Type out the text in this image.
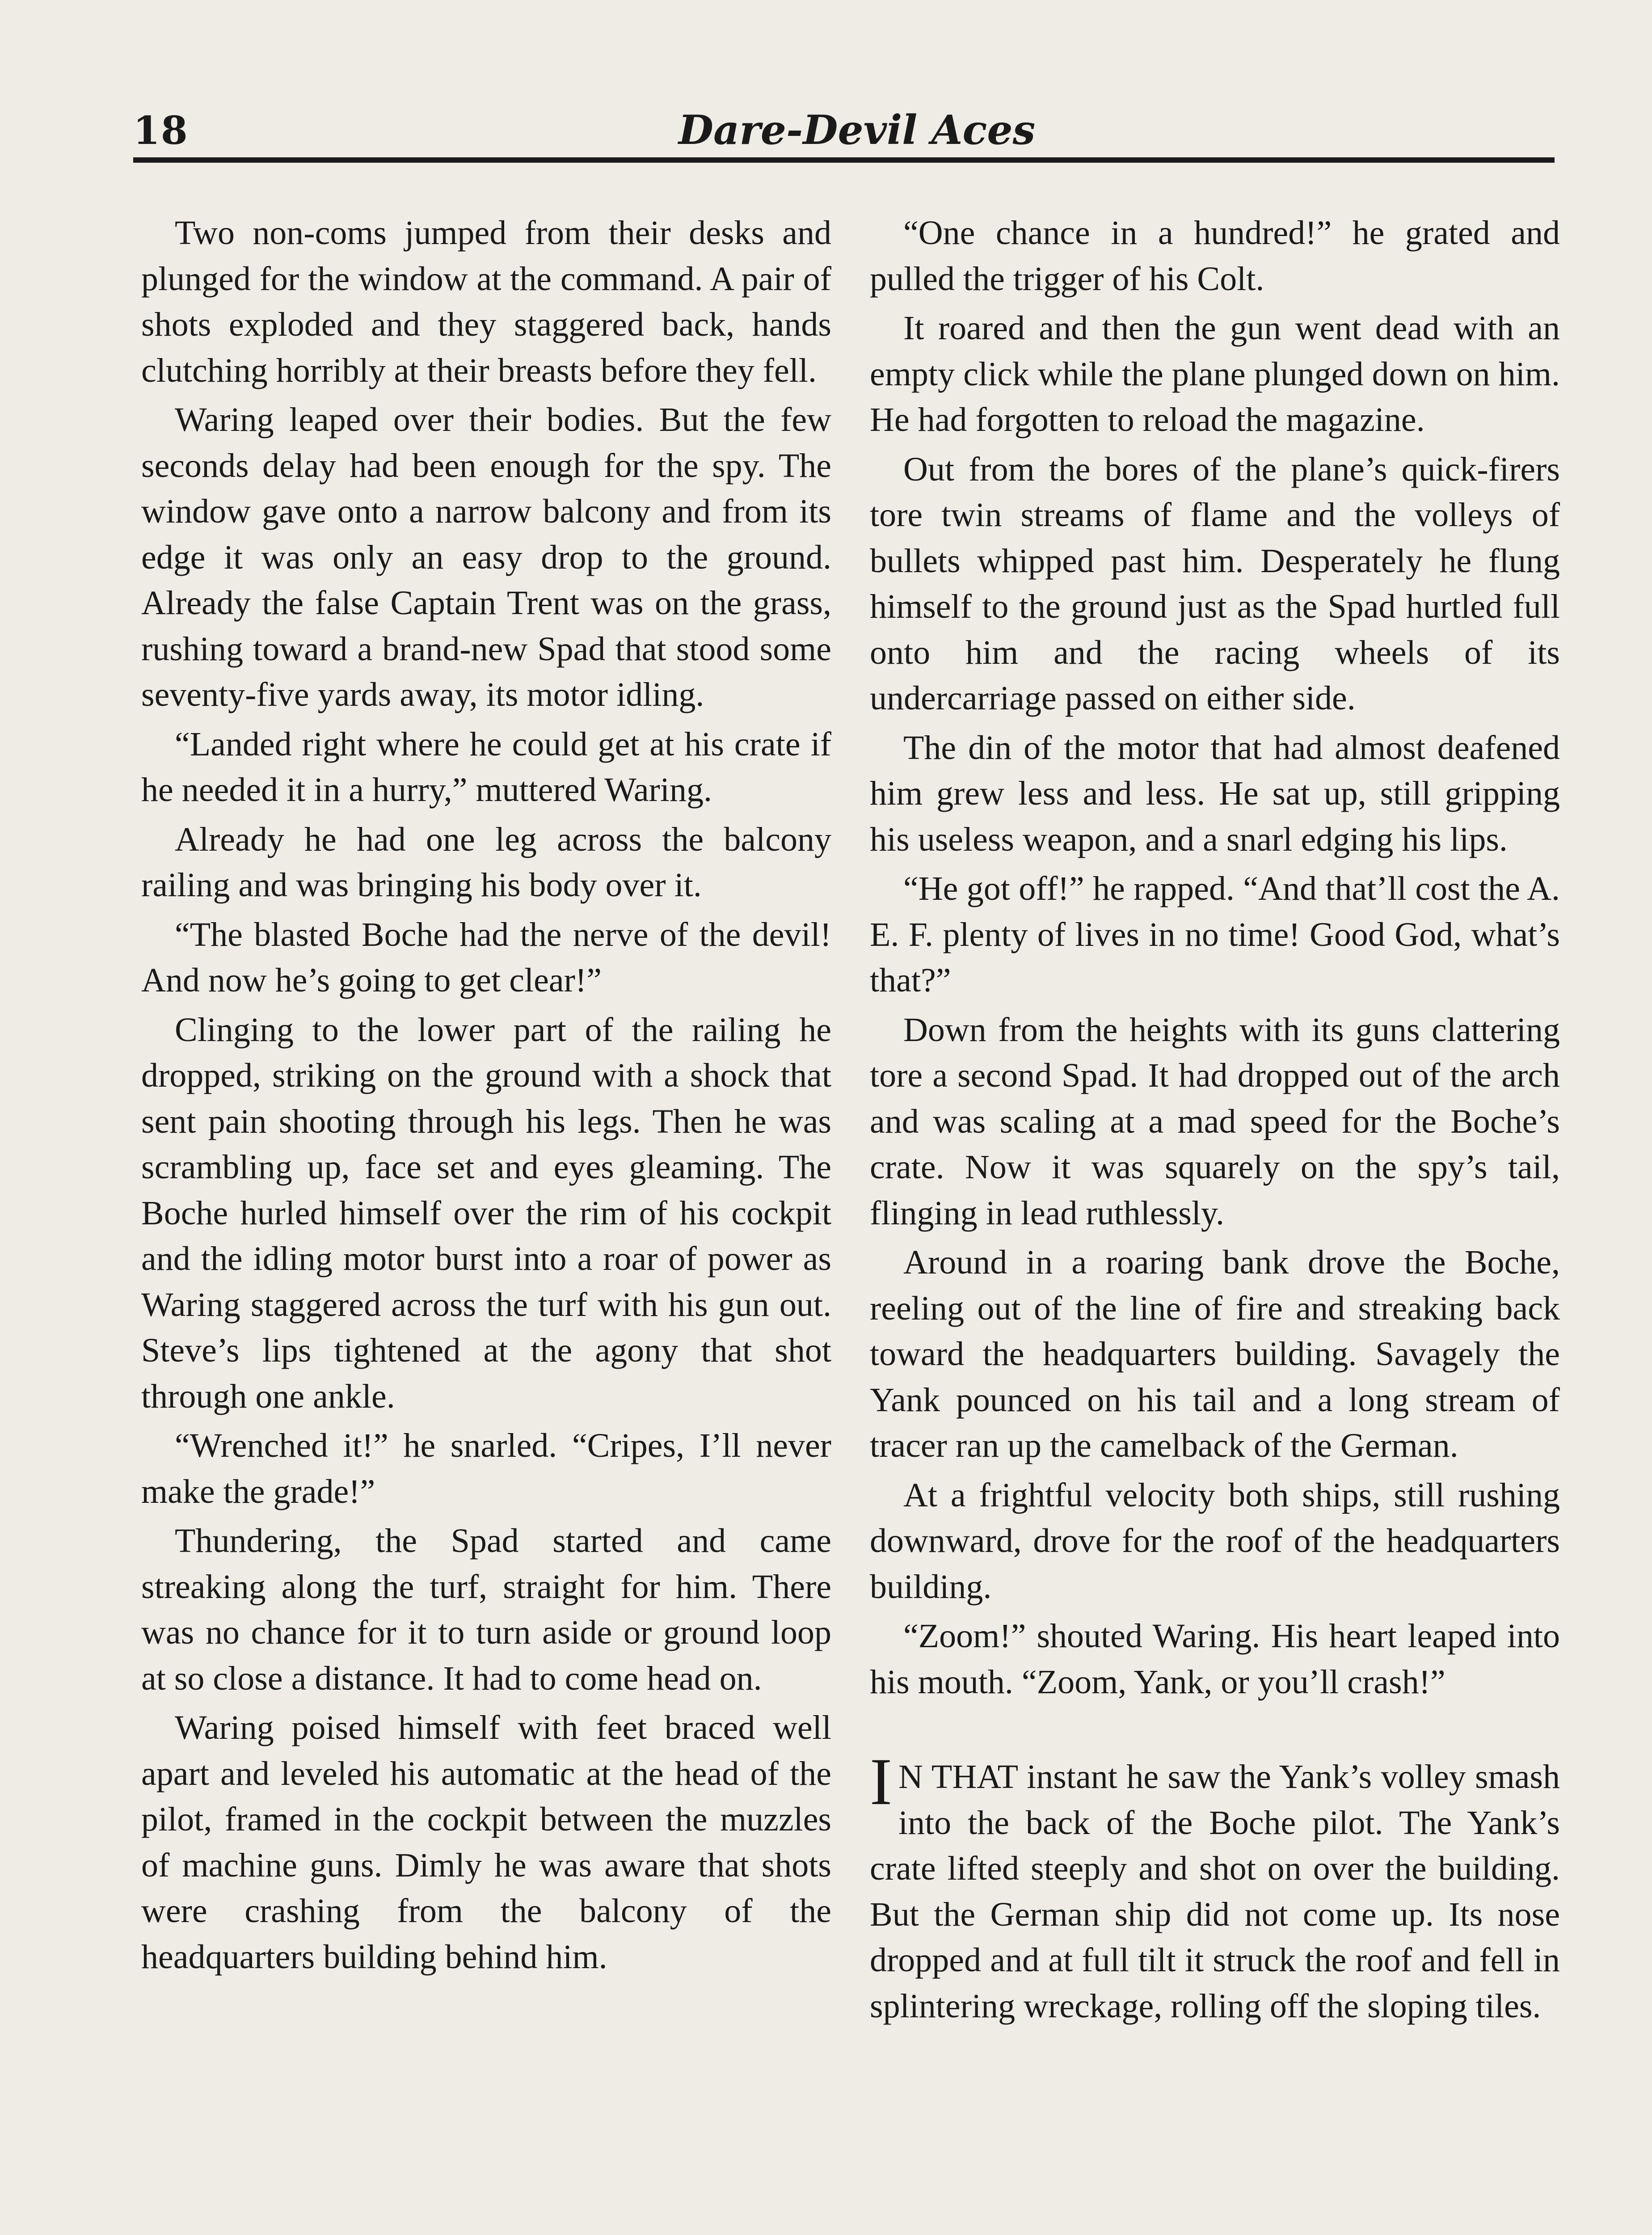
18	Dare-Devil Aces

Two non-coms jumped from their desks and plunged for the window at the command. A pair of shots exploded and they staggered back, hands clutching horribly at their breasts before they fell.

Waring leaped over their bodies. But the few seconds delay had been enough for the spy. The window gave onto a narrow balcony and from its edge it was only an easy drop to the ground. Already the false Captain Trent was on the grass, rushing toward a brand-new Spad that stood some seventy-five yards away, its motor idling.

“Landed right where he could get at his crate if he needed it in a hurry,” muttered Waring.

Already he had one leg across the balcony railing and was bringing his body over it.

“The blasted Boche had the nerve of the devil! And now he’s going to get clear!”

Clinging to the lower part of the railing he dropped, striking on the ground with a shock that sent pain shooting through his legs. Then he was scrambling up, face set and eyes gleaming. The Boche hurled himself over the rim of his cockpit and the idling motor burst into a roar of power as Waring staggered across the turf with his gun out. Steve’s lips tightened at the agony that shot through one ankle.

“Wrenched it!” he snarled. “Cripes, I’ll never make the grade!”

Thundering, the Spad started and came streaking along the turf, straight for him. There was no chance for it to turn aside or ground loop at so close a distance. It had to come head on.

Waring poised himself with feet braced well apart and leveled his automatic at the head of the pilot, framed in the cockpit between the muzzles of machine guns. Dimly he was aware that shots were crashing from the balcony of the headquarters building behind him.

“One chance in a hundred!” he grated and pulled the trigger of his Colt.

It roared and then the gun went dead with an empty click while the plane plunged down on him. He had forgotten to reload the magazine.

Out from the bores of the plane’s quick-firers tore twin streams of flame and the volleys of bullets whipped past him. Desperately he flung himself to the ground just as the Spad hurtled full onto him and the racing wheels of its undercarriage passed on either side.

The din of the motor that had almost deafened him grew less and less. He sat up, still gripping his useless weapon, and a snarl edging his lips.

“He got off!” he rapped. “And that’ll cost the A. E. F. plenty of lives in no time! Good God, what’s that?”

Down from the heights with its guns clattering tore a second Spad. It had dropped out of the arch and was scaling at a mad speed for the Boche’s crate. Now it was squarely on the spy’s tail, flinging in lead ruthlessly.

Around in a roaring bank drove the Boche, reeling out of the line of fire and streaking back toward the headquarters building. Savagely the Yank pounced on his tail and a long stream of tracer ran up the camelback of the German.

At a frightful velocity both ships, still rushing downward, drove for the roof of the headquarters building.

“Zoom!” shouted Waring. His heart leaped into his mouth. “Zoom, Yank, or you’ll crash!”

I N THAT instant he saw the Yank’s volley smash into the back of the Boche pilot. The Yank’s crate lifted steeply and shot on over the building. But the German ship did not come up. Its nose dropped and at full tilt it struck the roof and fell in splintering wreckage, rolling off the sloping tiles.
